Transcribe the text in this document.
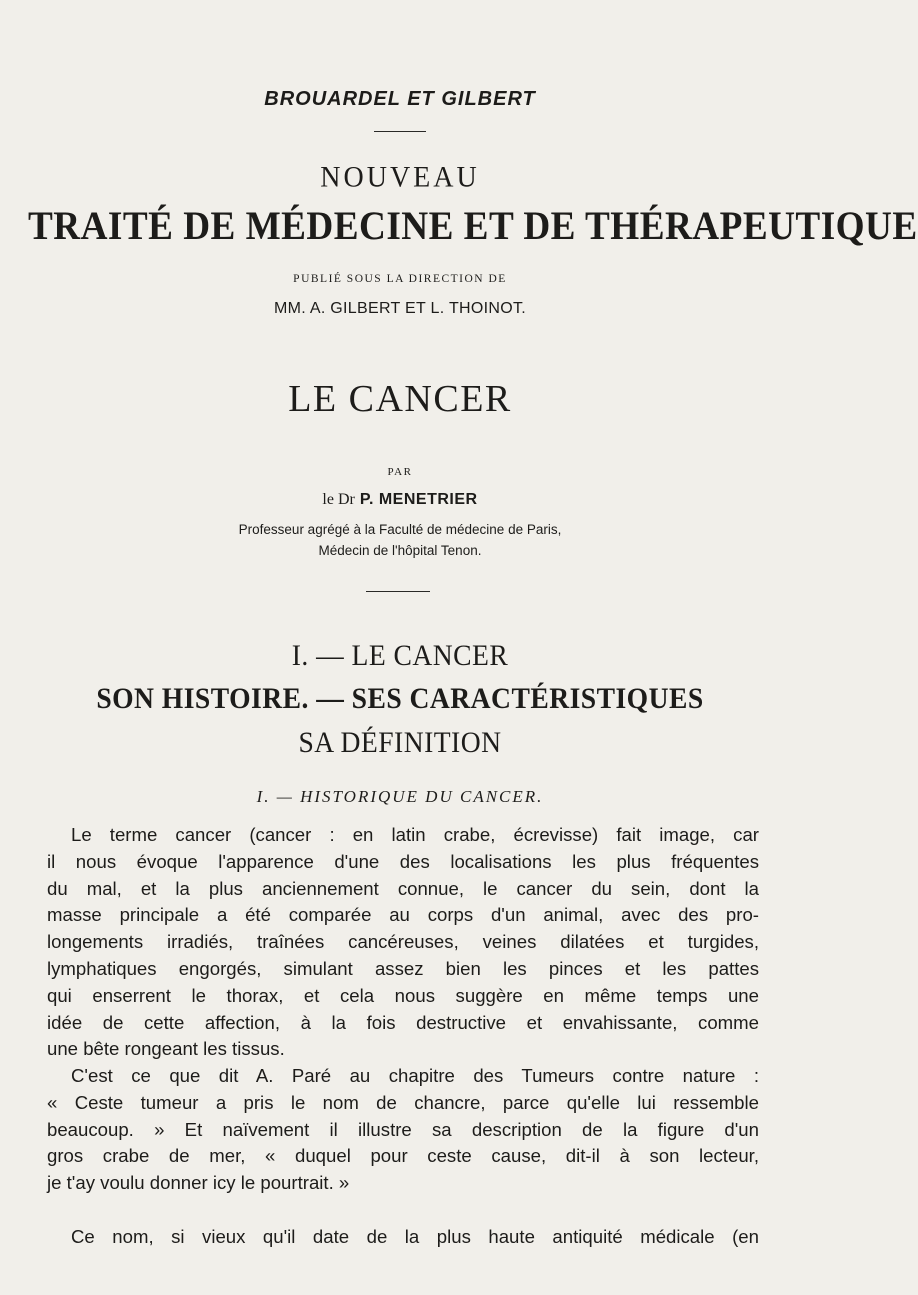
BROUARDEL ET GILBERT
NOUVEAU
TRAITÉ DE MÉDECINE ET DE THÉRAPEUTIQUE
PUBLIÉ SOUS LA DIRECTION DE
MM. A. GILBERT ET L. THOINOT.
LE CANCER
PAR
le Dr P. MENETRIER
Professeur agrégé à la Faculté de médecine de Paris,
Médecin de l'hôpital Tenon.
I. — LE CANCER
SON HISTOIRE. — SES CARACTÉRISTIQUES
SA DÉFINITION
I. — HISTORIQUE DU CANCER.
Le terme cancer (cancer : en latin crabe, écrevisse) fait image, car
il nous évoque l'apparence d'une des localisations les plus fréquentes
du mal, et la plus anciennement connue, le cancer du sein, dont la
masse principale a été comparée au corps d'un animal, avec des pro-
longements irradiés, traînées cancéreuses, veines dilatées et turgides,
lymphatiques engorgés, simulant assez bien les pinces et les pattes
qui enserrent le thorax, et cela nous suggère en même temps une
idée de cette affection, à la fois destructive et envahissante, comme
une bête rongeant les tissus.
C'est ce que dit A. Paré au chapitre des Tumeurs contre nature :
« Ceste tumeur a pris le nom de chancre, parce qu'elle lui ressemble
beaucoup. » Et naïvement il illustre sa description de la figure d'un
gros crabe de mer, « duquel pour ceste cause, dit-il à son lecteur,
je t'ay voulu donner icy le pourtrait. »
Ce nom, si vieux qu'il date de la plus haute antiquité médicale (en
